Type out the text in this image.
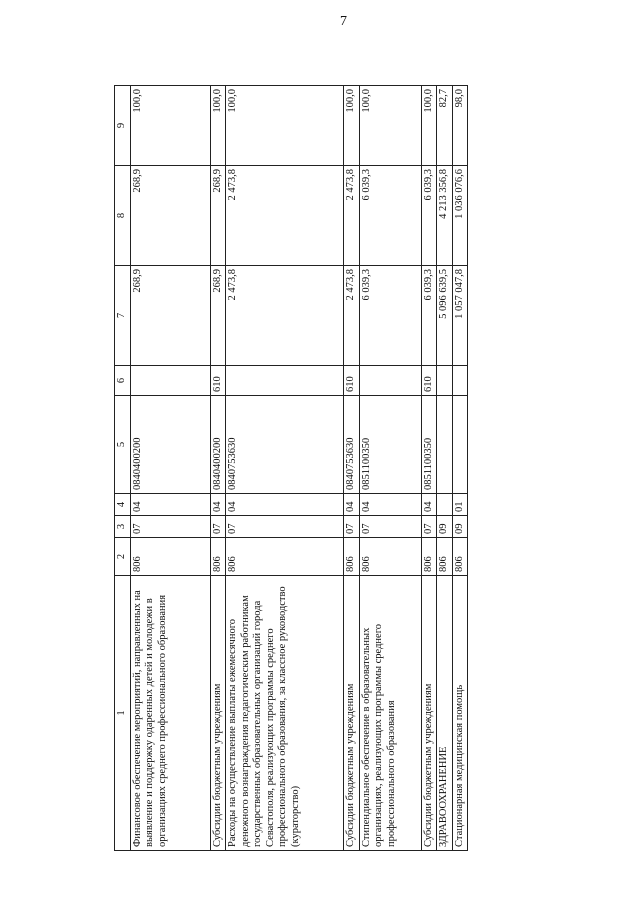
7
1	2	3	4	5	6	7	8	9
Финансовое обеспечение мероприятий, направленных на выявление и поддержку одаренных детей и молодежи в организациях среднего профессионального образования	806	07	04	0840400200		268,9	268,9	100,0
Субсидии бюджетным учреждениям	806	07	04	0840400200	610	268,9	268,9	100,0
Расходы на осуществление выплаты ежемесячного денежного вознаграждения педагогическим работникам государственных образовательных организаций города Севастополя, реализующих программы среднего профессионального образования, за классное руководство (кураторство)	806	07	04	0840753630		2 473,8	2 473,8	100,0
Субсидии бюджетным учреждениям	806	07	04	0840753630	610	2 473,8	2 473,8	100,0
Стипендиальное обеспечение в образовательных организациях, реализующих программы среднего профессионального образования	806	07	04	0851100350		6 039,3	6 039,3	100,0
Субсидии бюджетным учреждениям	806	07	04	0851100350	610	6 039,3	6 039,3	100,0
ЗДРАВООХРАНЕНИЕ	806	09				5 096 639,5	4 213 356,8	82,7
Стационарная медицинская помощь	806	09	01			1 057 047,8	1 036 076,6	98,0
